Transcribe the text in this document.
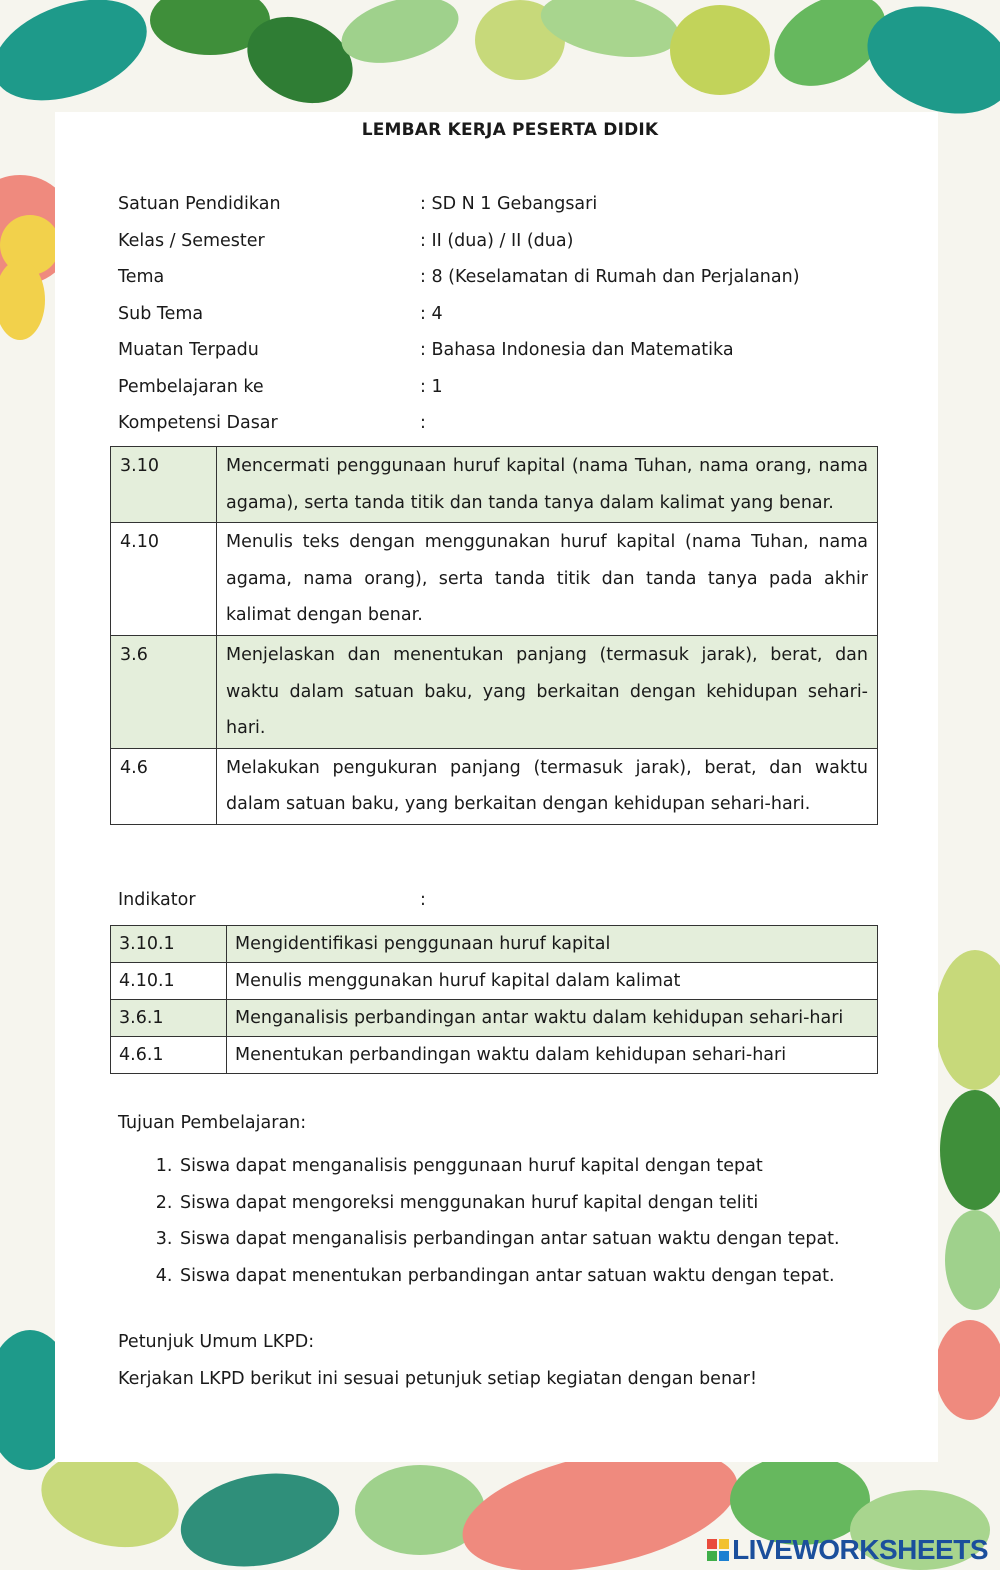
LEMBAR KERJA PESERTA DIDIK
Satuan Pendidikan	: SD N 1 Gebangsari
Kelas / Semester	: II (dua) / II (dua)
Tema	: 8 (Keselamatan di Rumah dan Perjalanan)
Sub Tema	: 4
Muatan Terpadu	: Bahasa Indonesia dan Matematika
Pembelajaran ke	: 1
Kompetensi Dasar	:
3.10	Mencermati penggunaan huruf kapital (nama Tuhan, nama orang, nama agama), serta tanda titik dan tanda tanya dalam kalimat yang benar.
4.10	Menulis teks dengan menggunakan huruf kapital (nama Tuhan, nama agama, nama orang), serta tanda titik dan tanda tanya pada akhir kalimat dengan benar.
3.6	Menjelaskan dan menentukan panjang (termasuk jarak), berat, dan waktu dalam satuan baku, yang berkaitan dengan kehidupan sehari-hari.
4.6	Melakukan pengukuran panjang (termasuk jarak), berat, dan waktu dalam satuan baku, yang berkaitan dengan kehidupan sehari-hari.
Indikator	:
3.10.1	Mengidentifikasi penggunaan huruf kapital
4.10.1	Menulis menggunakan huruf kapital dalam kalimat
3.6.1	Menganalisis perbandingan antar waktu dalam kehidupan sehari-hari
4.6.1	Menentukan perbandingan waktu dalam kehidupan sehari-hari
Tujuan Pembelajaran:
1. Siswa dapat menganalisis penggunaan huruf kapital dengan tepat
2. Siswa dapat mengoreksi menggunakan huruf kapital dengan teliti
3. Siswa dapat menganalisis perbandingan antar satuan waktu dengan tepat.
4. Siswa dapat menentukan perbandingan antar satuan waktu dengan tepat.
Petunjuk Umum LKPD:
Kerjakan LKPD berikut ini sesuai petunjuk setiap kegiatan dengan benar!
LIVEWORKSHEETS
